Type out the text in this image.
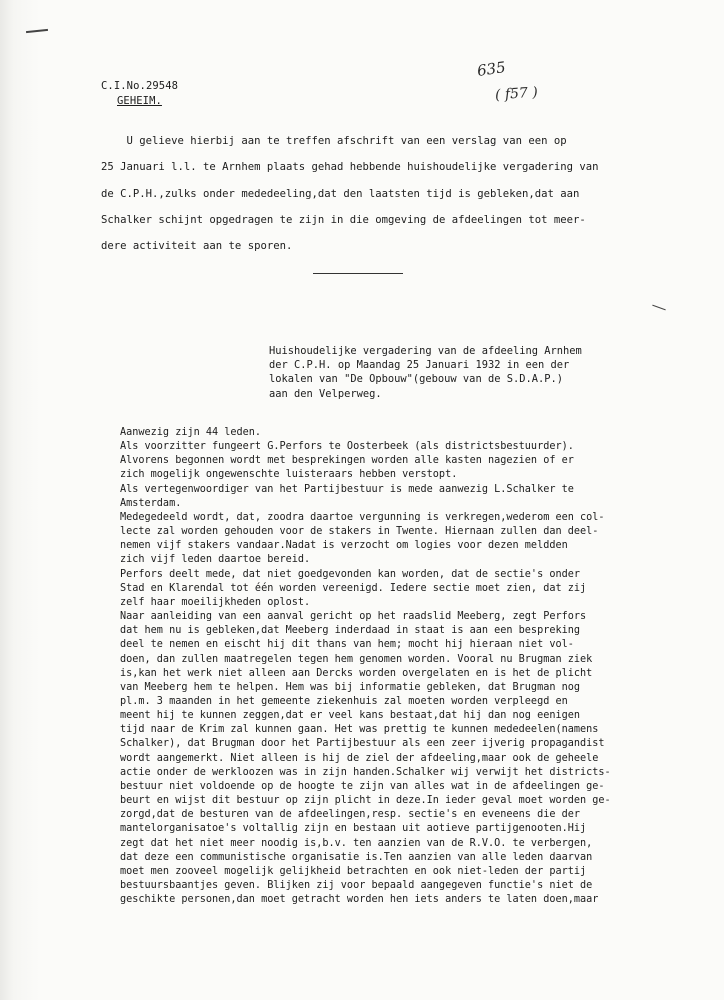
C.I.No.29548
GEHEIM.
635
( f57 )

U gelieve hierbij aan te treffen afschrift van een verslag van een op

25 Januari l.l. te Arnhem plaats gehad hebbende huishoudelijke vergadering van

de C.P.H.,zulks onder mededeeling,dat den laatsten tijd is gebleken,dat aan

Schalker schijnt opgedragen te zijn in die omgeving de afdeelingen tot meer-

dere activiteit aan te sporen.

Huishoudelijke vergadering van de afdeeling Arnhem
der C.P.H. op Maandag 25 Januari 1932 in een der
lokalen van "De Opbouw"(gebouw van de S.D.A.P.)
aan den Velperweg.
Aanwezig zijn 44 leden.
Als voorzitter fungeert G.Perfors te Oosterbeek (als districtsbestuurder).
Alvorens begonnen wordt met besprekingen worden alle kasten nagezien of er
zich mogelijk ongewenschte luisteraars hebben verstopt.
Als vertegenwoordiger van het Partijbestuur is mede aanwezig L.Schalker te
Amsterdam.
Medegedeeld wordt, dat, zoodra daartoe vergunning is verkregen,wederom een col-
lecte zal worden gehouden voor de stakers in Twente. Hiernaan zullen dan deel-
nemen vijf stakers vandaar.Nadat is verzocht om logies voor dezen meldden
zich vijf leden daartoe bereid.
Perfors deelt mede, dat niet goedgevonden kan worden, dat de sectie's onder
Stad en Klarendal tot één worden vereenigd. Iedere sectie moet zien, dat zij
zelf haar moeilijkheden oplost.
Naar aanleiding van een aanval gericht op het raadslid Meeberg, zegt Perfors
dat hem nu is gebleken,dat Meeberg inderdaad in staat is aan een bespreking
deel te nemen en eischt hij dit thans van hem; mocht hij hieraan niet vol-
doen, dan zullen maatregelen tegen hem genomen worden. Vooral nu Brugman ziek
is,kan het werk niet alleen aan Dercks worden overgelaten en is het de plicht
van Meeberg hem te helpen. Hem was bij informatie gebleken, dat Brugman nog
pl.m. 3 maanden in het gemeente ziekenhuis zal moeten worden verpleegd en
meent hij te kunnen zeggen,dat er veel kans bestaat,dat hij dan nog eenigen
tijd naar de Krim zal kunnen gaan. Het was prettig te kunnen mededeelen(namens
Schalker), dat Brugman door het Partijbestuur als een zeer ijverig propagandist
wordt aangemerkt. Niet alleen is hij de ziel der afdeeling,maar ook de geheele
actie onder de werkloozen was in zijn handen.Schalker wij verwijt het districts-
bestuur niet voldoende op de hoogte te zijn van alles wat in de afdeelingen ge-
beurt en wijst dit bestuur op zijn plicht in deze.In ieder geval moet worden ge-
zorgd,dat de besturen van de afdeelingen,resp. sectie's en eveneens die der
mantelorganisatoe's voltallig zijn en bestaan uit aotieve partijgenooten.Hij
zegt dat het niet meer noodig is,b.v. ten aanzien van de R.V.O. te verbergen,
dat deze een communistische organisatie is.Ten aanzien van alle leden daarvan
moet men zooveel mogelijk gelijkheid betrachten en ook niet-leden der partij
bestuursbaantjes geven. Blijken zij voor bepaald aangegeven functie's niet de
geschikte personen,dan moet getracht worden hen iets anders te laten doen,maar
